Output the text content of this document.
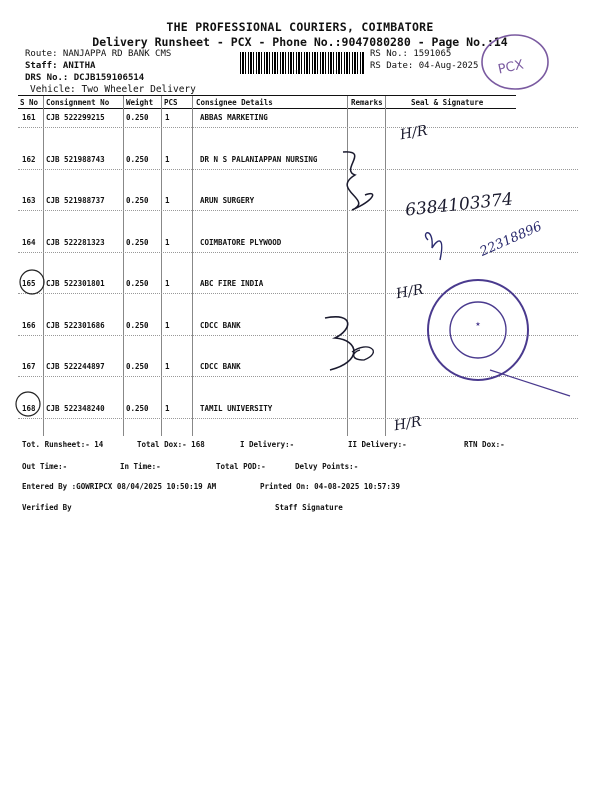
THE PROFESSIONAL COURIERS, COIMBATORE
Delivery Runsheet - PCX - Phone No.:9047080280 - Page No.:14
Route: NANJAPPA RD BANK CMS
Staff: ANITHA
DRS No.: DCJB159106514
Vehicle: Two Wheeler Delivery
RS No.: 1591065
RS Date: 04-Aug-2025
S No Consignment No Weight PCS Consignee Details	Remarks	Seal & Signature
161 CJB 522299215	0.250 1	ABBAS MARKETING
162 CJB 521988743	0.250 1	DR N S PALANIAPPAN NURSING
163 CJB 521988737	0.250 1	ARUN SURGERY
164 CJB 522281323	0.250 1	COIMBATORE PLYWOOD
165 CJB 522301801	0.250 1	ABC FIRE INDIA
166 CJB 522301686	0.250 1	CDCC BANK
167 CJB 522244897	0.250 1	CDCC BANK
168 CJB 522348240	0.250 1	TAMIL UNIVERSITY
Tot. Runsheet:- 14	Total Dox:- 168	I Delivery:-	II Delivery:-	RTN Dox:-
Out Time:-	In Time:-	Total POD:-	Delvy Points:-
Entered By :GOWRIPCX 08/04/2025 10:50:19 AM	Printed On: 04-08-2025 10:57:39
Verified By	Staff Signature
★
PCX
H/R
6384103374
22318896
H/R
H/R
